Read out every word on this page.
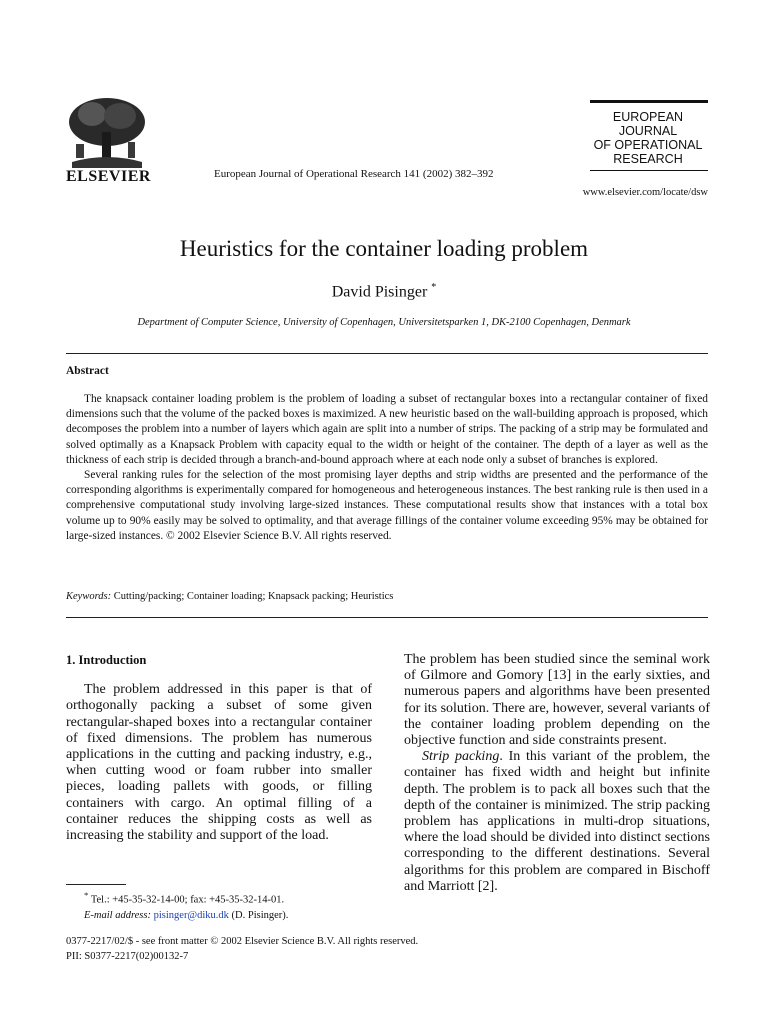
ELSEVIER	European Journal of Operational Research 141 (2002) 382–392
EUROPEAN
JOURNAL
OF OPERATIONAL
RESEARCH
www.elsevier.com/locate/dsw
Heuristics for the container loading problem
David Pisinger *
Department of Computer Science, University of Copenhagen, Universitetsparken 1, DK-2100 Copenhagen, Denmark
Abstract

The knapsack container loading problem is the problem of loading a subset of rectangular boxes into a rectangular container of fixed dimensions such that the volume of the packed boxes is maximized. A new heuristic based on the wall-building approach is proposed, which decomposes the problem into a number of layers which again are split into a number of strips. The packing of a strip may be formulated and solved optimally as a Knapsack Problem with capacity equal to the width or height of the container. The depth of a layer as well as the thickness of each strip is decided through a branch-and-bound approach where at each node only a subset of branches is explored.

Several ranking rules for the selection of the most promising layer depths and strip widths are presented and the performance of the corresponding algorithms is experimentally compared for homogeneous and heterogeneous instances. The best ranking rule is then used in a comprehensive computational study involving large-sized instances. These computational results show that instances with a total box volume up to 90% easily may be solved to optimality, and that average fillings of the container volume exceeding 95% may be obtained for large-sized instances. © 2002 Elsevier Science B.V. All rights reserved.

Keywords: Cutting/packing; Container loading; Knapsack packing; Heuristics

1. Introduction

The problem addressed in this paper is that of orthogonally packing a subset of some given rectangular-shaped boxes into a rectangular container of fixed dimensions. The problem has numerous applications in the cutting and packing industry, e.g., when cutting wood or foam rubber into smaller pieces, loading pallets with goods, or filling containers with cargo. An optimal filling of a container reduces the shipping costs as well as increasing the stability and support of the load.

The problem has been studied since the seminal work of Gilmore and Gomory [13] in the early sixties, and numerous papers and algorithms have been presented for its solution. There are, however, several variants of the container loading problem depending on the objective function and side constraints present.

Strip packing. In this variant of the problem, the container has fixed width and height but infinite depth. The problem is to pack all boxes such that the depth of the container is minimized. The strip packing problem has applications in multi-drop situations, where the load should be divided into distinct sections corresponding to the different destinations. Several algorithms for this problem are compared in Bischoff and Marriott [2].

* Tel.: +45-35-32-14-00; fax: +45-35-32-14-01.
E-mail address: pisinger@diku.dk (D. Pisinger).
0377-2217/02/$ - see front matter © 2002 Elsevier Science B.V. All rights reserved.
PII: S0377-2217(02)00132-7
